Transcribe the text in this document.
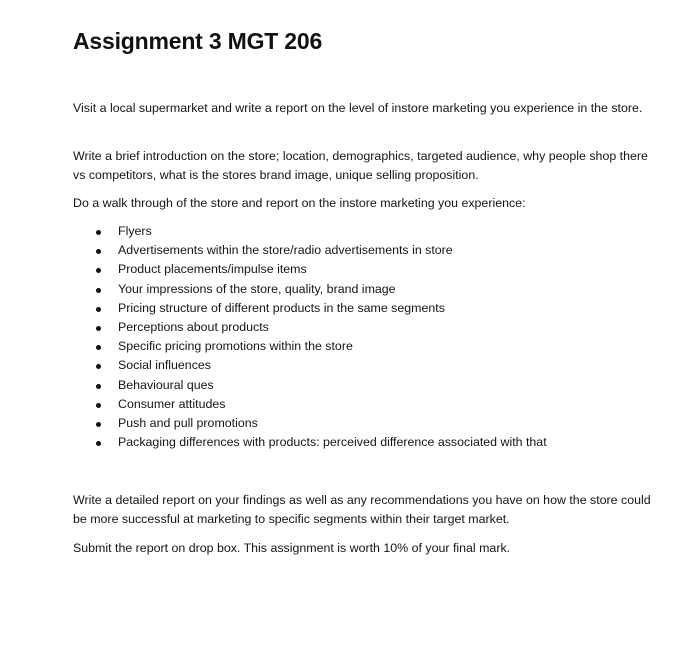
Assignment 3 MGT 206

Visit a local supermarket and write a report on the level of instore marketing you experience in the store.

Write a brief introduction on the store; location, demographics, targeted audience, why people shop there vs competitors, what is the stores brand image, unique selling proposition.

Do a walk through of the store and report on the instore marketing you experience:

Flyers
Advertisements within the store/radio advertisements in store
Product placements/impulse items
Your impressions of the store, quality, brand image
Pricing structure of different products in the same segments
Perceptions about products
Specific pricing promotions within the store
Social influences
Behavioural ques
Consumer attitudes
Push and pull promotions
Packaging differences with products: perceived difference associated with that

Write a detailed report on your findings as well as any recommendations you have on how the store could be more successful at marketing to specific segments within their target market.

Submit the report on drop box. This assignment is worth 10% of your final mark.
